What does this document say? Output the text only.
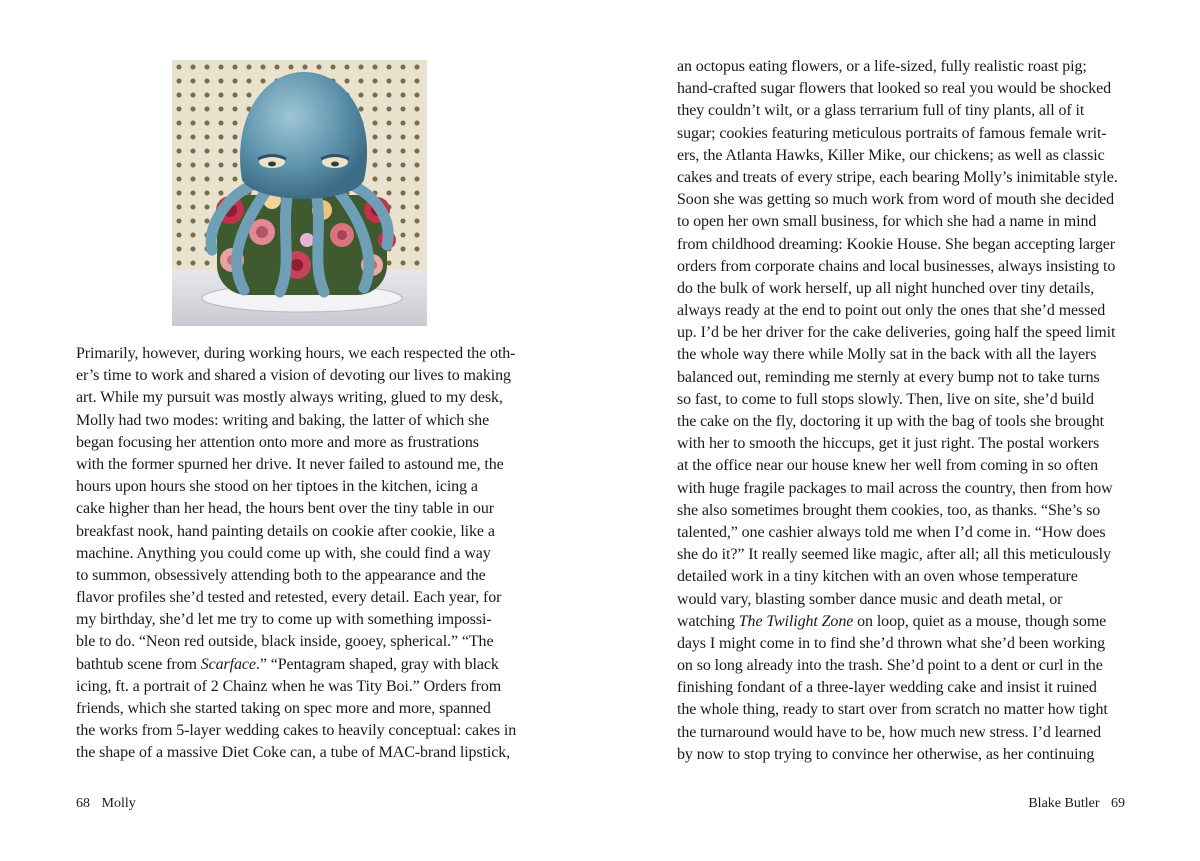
Primarily, however, during working hours, we each respected the oth-
er’s time to work and shared a vision of devoting our lives to making
art. While my pursuit was mostly always writing, glued to my desk,
Molly had two modes: writing and baking, the latter of which she
began focusing her attention onto more and more as frustrations
with the former spurned her drive. It never failed to astound me, the
hours upon hours she stood on her tiptoes in the kitchen, icing a
cake higher than her head, the hours bent over the tiny table in our
breakfast nook, hand painting details on cookie after cookie, like a
machine. Anything you could come up with, she could find a way
to summon, obsessively attending both to the appearance and the
flavor profiles she’d tested and retested, every detail. Each year, for
my birthday, she’d let me try to come up with something impossi-
ble to do. “Neon red outside, black inside, gooey, spherical.” “The
bathtub scene from Scarface.” “Pentagram shaped, gray with black
icing, ft. a portrait of 2 Chainz when he was Tity Boi.” Orders from
friends, which she started taking on spec more and more, spanned
the works from 5-layer wedding cakes to heavily conceptual: cakes in
the shape of a massive Diet Coke can, a tube of MAC-brand lipstick,
68 Molly
an octopus eating flowers, or a life-sized, fully realistic roast pig;
hand-crafted sugar flowers that looked so real you would be shocked
they couldn’t wilt, or a glass terrarium full of tiny plants, all of it
sugar; cookies featuring meticulous portraits of famous female writ-
ers, the Atlanta Hawks, Killer Mike, our chickens; as well as classic
cakes and treats of every stripe, each bearing Molly’s inimitable style.
Soon she was getting so much work from word of mouth she decided
to open her own small business, for which she had a name in mind
from childhood dreaming: Kookie House. She began accepting larger
orders from corporate chains and local businesses, always insisting to
do the bulk of work herself, up all night hunched over tiny details,
always ready at the end to point out only the ones that she’d messed
up. I’d be her driver for the cake deliveries, going half the speed limit
the whole way there while Molly sat in the back with all the layers
balanced out, reminding me sternly at every bump not to take turns
so fast, to come to full stops slowly. Then, live on site, she’d build
the cake on the fly, doctoring it up with the bag of tools she brought
with her to smooth the hiccups, get it just right. The postal workers
at the office near our house knew her well from coming in so often
with huge fragile packages to mail across the country, then from how
she also sometimes brought them cookies, too, as thanks. “She’s so
talented,” one cashier always told me when I’d come in. “How does
she do it?” It really seemed like magic, after all; all this meticulously
detailed work in a tiny kitchen with an oven whose temperature
would vary, blasting somber dance music and death metal, or
watching The Twilight Zone on loop, quiet as a mouse, though some
days I might come in to find she’d thrown what she’d been working
on so long already into the trash. She’d point to a dent or curl in the
finishing fondant of a three-layer wedding cake and insist it ruined
the whole thing, ready to start over from scratch no matter how tight
the turnaround would have to be, how much new stress. I’d learned
by now to stop trying to convince her otherwise, as her continuing
Blake Butler 69
